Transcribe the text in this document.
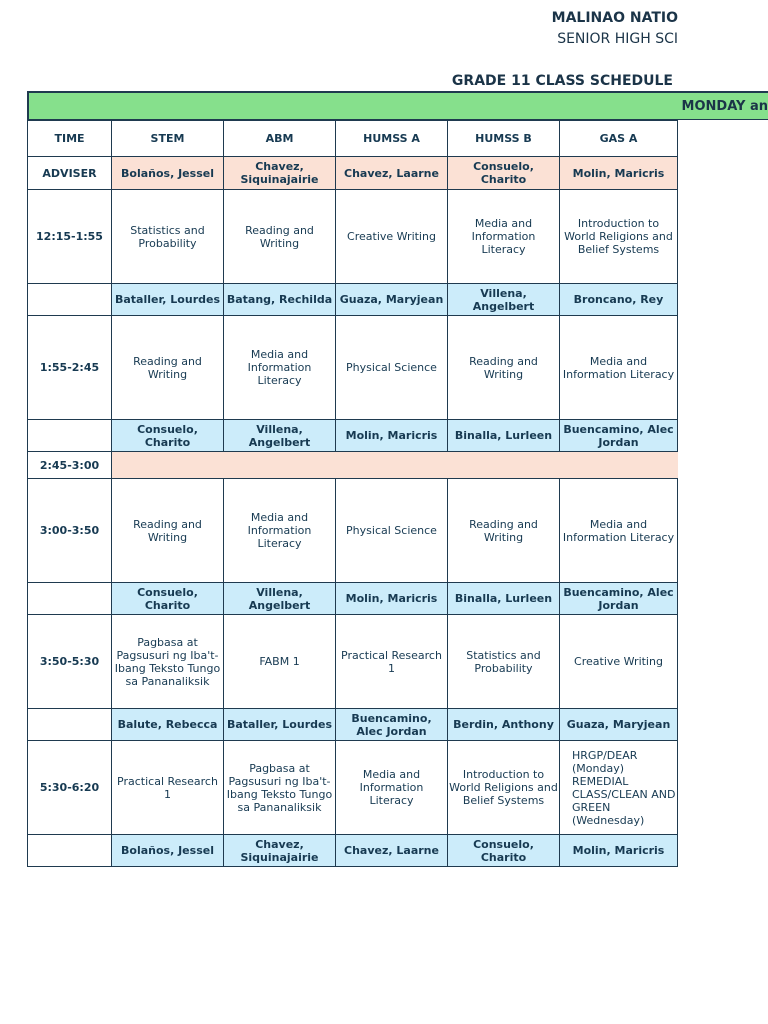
MALINAO NATIO
SENIOR HIGH SCI
GRADE 11 CLASS SCHEDULE
MONDAY an
TIME	STEM	ABM	HUMSS A	HUMSS B	GAS A
ADVISER	Bolaños, Jessel	Chavez, Siquinajairie	Chavez, Laarne	Consuelo, Charito	Molin, Maricris
12:15-1:55	Statistics and Probability	Reading and Writing	Creative Writing	Media and Information Literacy	Introduction to World Religions and Belief Systems
	Bataller, Lourdes	Batang, Rechilda	Guaza, Maryjean	Villena, Angelbert	Broncano, Rey
1:55-2:45	Reading and Writing	Media and Information Literacy	Physical Science	Reading and Writing	Media and Information Literacy
	Consuelo, Charito	Villena, Angelbert	Molin, Maricris	Binalla, Lurleen	Buencamino, Alec Jordan
2:45-3:00					
3:00-3:50	Reading and Writing	Media and Information Literacy	Physical Science	Reading and Writing	Media and Information Literacy
	Consuelo, Charito	Villena, Angelbert	Molin, Maricris	Binalla, Lurleen	Buencamino, Alec Jordan
3:50-5:30	Pagbasa at Pagsusuri ng Iba't-Ibang Teksto Tungo sa Pananaliksik	FABM 1	Practical Research 1	Statistics and Probability	Creative Writing
	Balute, Rebecca	Bataller, Lourdes	Buencamino, Alec Jordan	Berdin, Anthony	Guaza, Maryjean
5:30-6:20	Practical Research 1	Pagbasa at Pagsusuri ng Iba't-Ibang Teksto Tungo sa Pananaliksik	Media and Information Literacy	Introduction to World Religions and Belief Systems	HRGP/DEAR (Monday) REMEDIAL CLASS/CLEAN AND GREEN (Wednesday)
	Bolaños, Jessel	Chavez, Siquinajairie	Chavez, Laarne	Consuelo, Charito	Molin, Maricris
